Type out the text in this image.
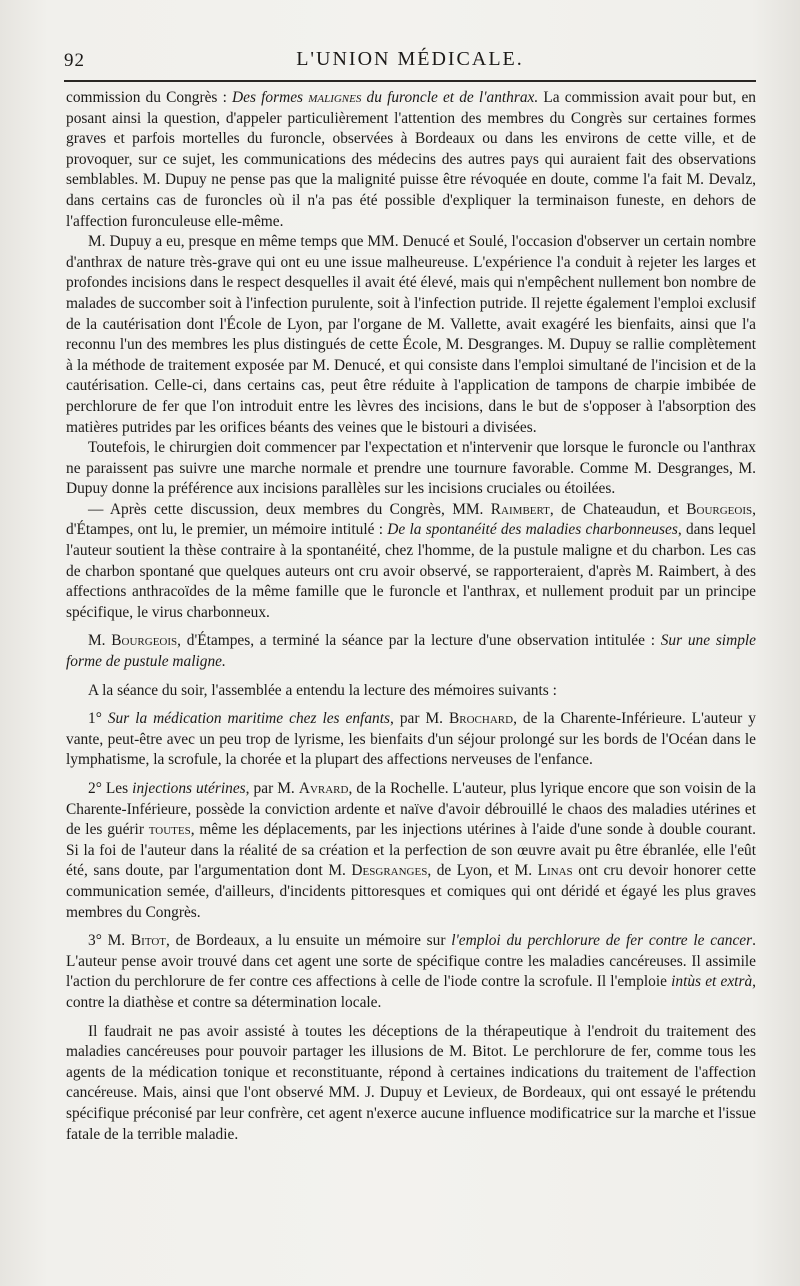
92	L'UNION MÉDICALE.

commission du Congrès : Des formes malignes du furoncle et de l'anthrax. La commission avait pour but, en posant ainsi la question, d'appeler particulièrement l'attention des membres du Congrès sur certaines formes graves et parfois mortelles du furoncle, observées à Bordeaux ou dans les environs de cette ville, et de provoquer, sur ce sujet, les communications des médecins des autres pays qui auraient fait des observations semblables. M. Dupuy ne pense pas que la malignité puisse être révoquée en doute, comme l'a fait M. Devalz, dans certains cas de furoncles où il n'a pas été possible d'expliquer la terminaison funeste, en dehors de l'affection furonculeuse elle-même.

M. Dupuy a eu, presque en même temps que MM. Denucé et Soulé, l'occasion d'observer un certain nombre d'anthrax de nature très-grave qui ont eu une issue malheureuse. L'expérience l'a conduit à rejeter les larges et profondes incisions dans le respect desquelles il avait été élevé, mais qui n'empêchent nullement bon nombre de malades de succomber soit à l'infection purulente, soit à l'infection putride. Il rejette également l'emploi exclusif de la cautérisation dont l'École de Lyon, par l'organe de M. Vallette, avait exagéré les bienfaits, ainsi que l'a reconnu l'un des membres les plus distingués de cette École, M. Desgranges. M. Dupuy se rallie complètement à la méthode de traitement exposée par M. Denucé, et qui consiste dans l'emploi simultané de l'incision et de la cautérisation. Celle-ci, dans certains cas, peut être réduite à l'application de tampons de charpie imbibée de perchlorure de fer que l'on introduit entre les lèvres des incisions, dans le but de s'opposer à l'absorption des matières putrides par les orifices béants des veines que le bistouri a divisées.

Toutefois, le chirurgien doit commencer par l'expectation et n'intervenir que lorsque le furoncle ou l'anthrax ne paraissent pas suivre une marche normale et prendre une tournure favorable. Comme M. Desgranges, M. Dupuy donne la préférence aux incisions parallèles sur les incisions cruciales ou étoilées.

— Après cette discussion, deux membres du Congrès, MM. Raimbert, de Chateaudun, et Bourgeois, d'Étampes, ont lu, le premier, un mémoire intitulé : De la spontanéité des maladies charbonneuses, dans lequel l'auteur soutient la thèse contraire à la spontanéité, chez l'homme, de la pustule maligne et du charbon. Les cas de charbon spontané que quelques auteurs ont cru avoir observé, se rapporteraient, d'après M. Raimbert, à des affections anthracoïdes de la même famille que le furoncle et l'anthrax, et nullement produit par un principe spécifique, le virus charbonneux.

M. Bourgeois, d'Étampes, a terminé la séance par la lecture d'une observation intitulée : Sur une simple forme de pustule maligne.

A la séance du soir, l'assemblée a entendu la lecture des mémoires suivants :

1° Sur la médication maritime chez les enfants, par M. Brochard, de la Charente-Inférieure. L'auteur y vante, peut-être avec un peu trop de lyrisme, les bienfaits d'un séjour prolongé sur les bords de l'Océan dans le lymphatisme, la scrofule, la chorée et la plupart des affections nerveuses de l'enfance.

2° Les injections utérines, par M. Avrard, de la Rochelle. L'auteur, plus lyrique encore que son voisin de la Charente-Inférieure, possède la conviction ardente et naïve d'avoir débrouillé le chaos des maladies utérines et de les guérir toutes, même les déplacements, par les injections utérines à l'aide d'une sonde à double courant. Si la foi de l'auteur dans la réalité de sa création et la perfection de son œuvre avait pu être ébranlée, elle l'eût été, sans doute, par l'argumentation dont M. Desgranges, de Lyon, et M. Linas ont cru devoir honorer cette communication semée, d'ailleurs, d'incidents pittoresques et comiques qui ont déridé et égayé les plus graves membres du Congrès.

3° M. Bitot, de Bordeaux, a lu ensuite un mémoire sur l'emploi du perchlorure de fer contre le cancer. L'auteur pense avoir trouvé dans cet agent une sorte de spécifique contre les maladies cancéreuses. Il assimile l'action du perchlorure de fer contre ces affections à celle de l'iode contre la scrofule. Il l'emploie intùs et extrà, contre la diathèse et contre sa détermination locale.

Il faudrait ne pas avoir assisté à toutes les déceptions de la thérapeutique à l'endroit du traitement des maladies cancéreuses pour pouvoir partager les illusions de M. Bitot. Le perchlorure de fer, comme tous les agents de la médication tonique et reconstituante, répond à certaines indications du traitement de l'affection cancéreuse. Mais, ainsi que l'ont observé MM. J. Dupuy et Levieux, de Bordeaux, qui ont essayé le prétendu spécifique préconisé par leur confrère, cet agent n'exerce aucune influence modificatrice sur la marche et l'issue fatale de la terrible maladie.
